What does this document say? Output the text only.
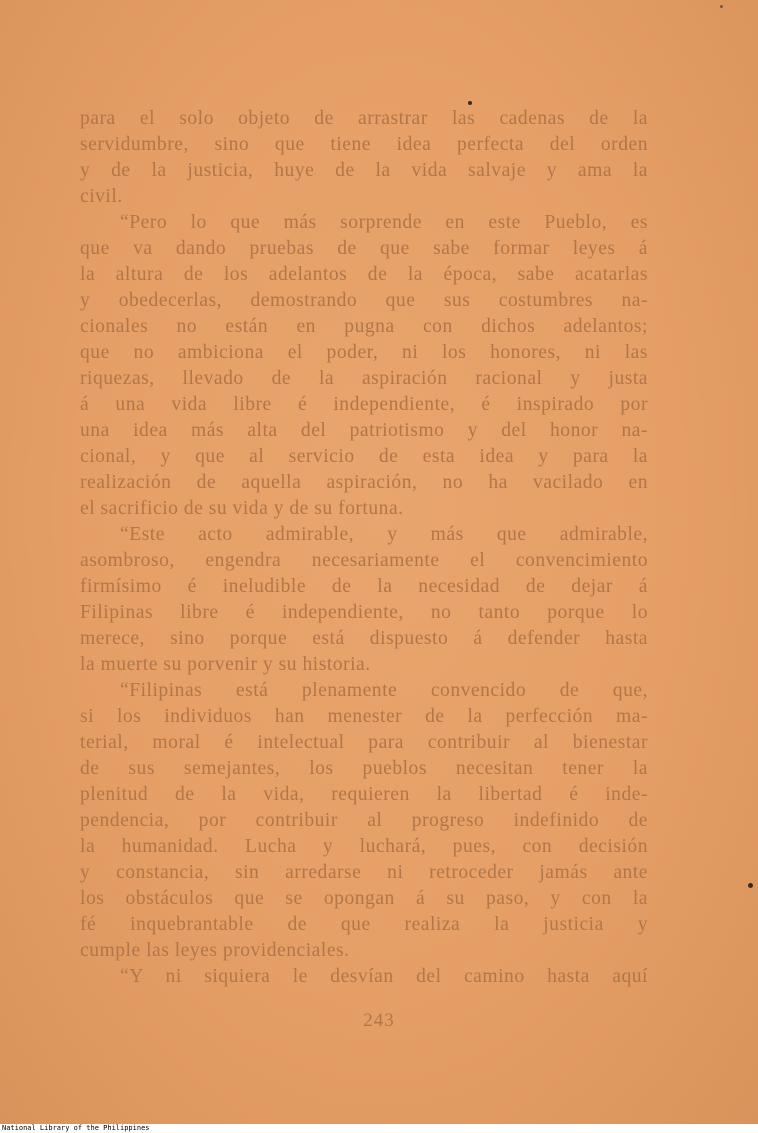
para el solo objeto de arrastrar las cadenas de la
servidumbre, sino que tiene idea perfecta del orden
y de la justicia, huye de la vida salvaje y ama la
civil.
“Pero lo que más sorprende en este Pueblo, es
que va dando pruebas de que sabe formar leyes á
la altura de los adelantos de la época, sabe acatarlas
y obedecerlas, demostrando que sus costumbres na-
cionales no están en pugna con dichos adelantos;
que no ambiciona el poder, ni los honores, ni las
riquezas, llevado de la aspiración racional y justa
á una vida libre é independiente, é inspirado por
una idea más alta del patriotismo y del honor na-
cional, y que al servicio de esta idea y para la
realización de aquella aspiración, no ha vacilado en
el sacrificio de su vida y de su fortuna.
“Este acto admirable, y más que admirable,
asombroso, engendra necesariamente el convencimiento
firmísimo é ineludible de la necesidad de dejar á
Filipinas libre é independiente, no tanto porque lo
merece, sino porque está dispuesto á defender hasta
la muerte su porvenir y su historia.
“Filipinas está plenamente convencido de que,
si los individuos han menester de la perfección ma-
terial, moral é intelectual para contribuir al bienestar
de sus semejantes, los pueblos necesitan tener la
plenitud de la vida, requieren la libertad é inde-
pendencia, por contribuir al progreso indefinido de
la humanidad. Lucha y luchará, pues, con decisión
y constancia, sin arredarse ni retroceder jamás ante
los obstáculos que se opongan á su paso, y con la
fé inquebrantable de que realiza la justicia y
cumple las leyes providenciales.
“Y ni siquiera le desvían del camino hasta aquí
243
National Library of the Philippines
